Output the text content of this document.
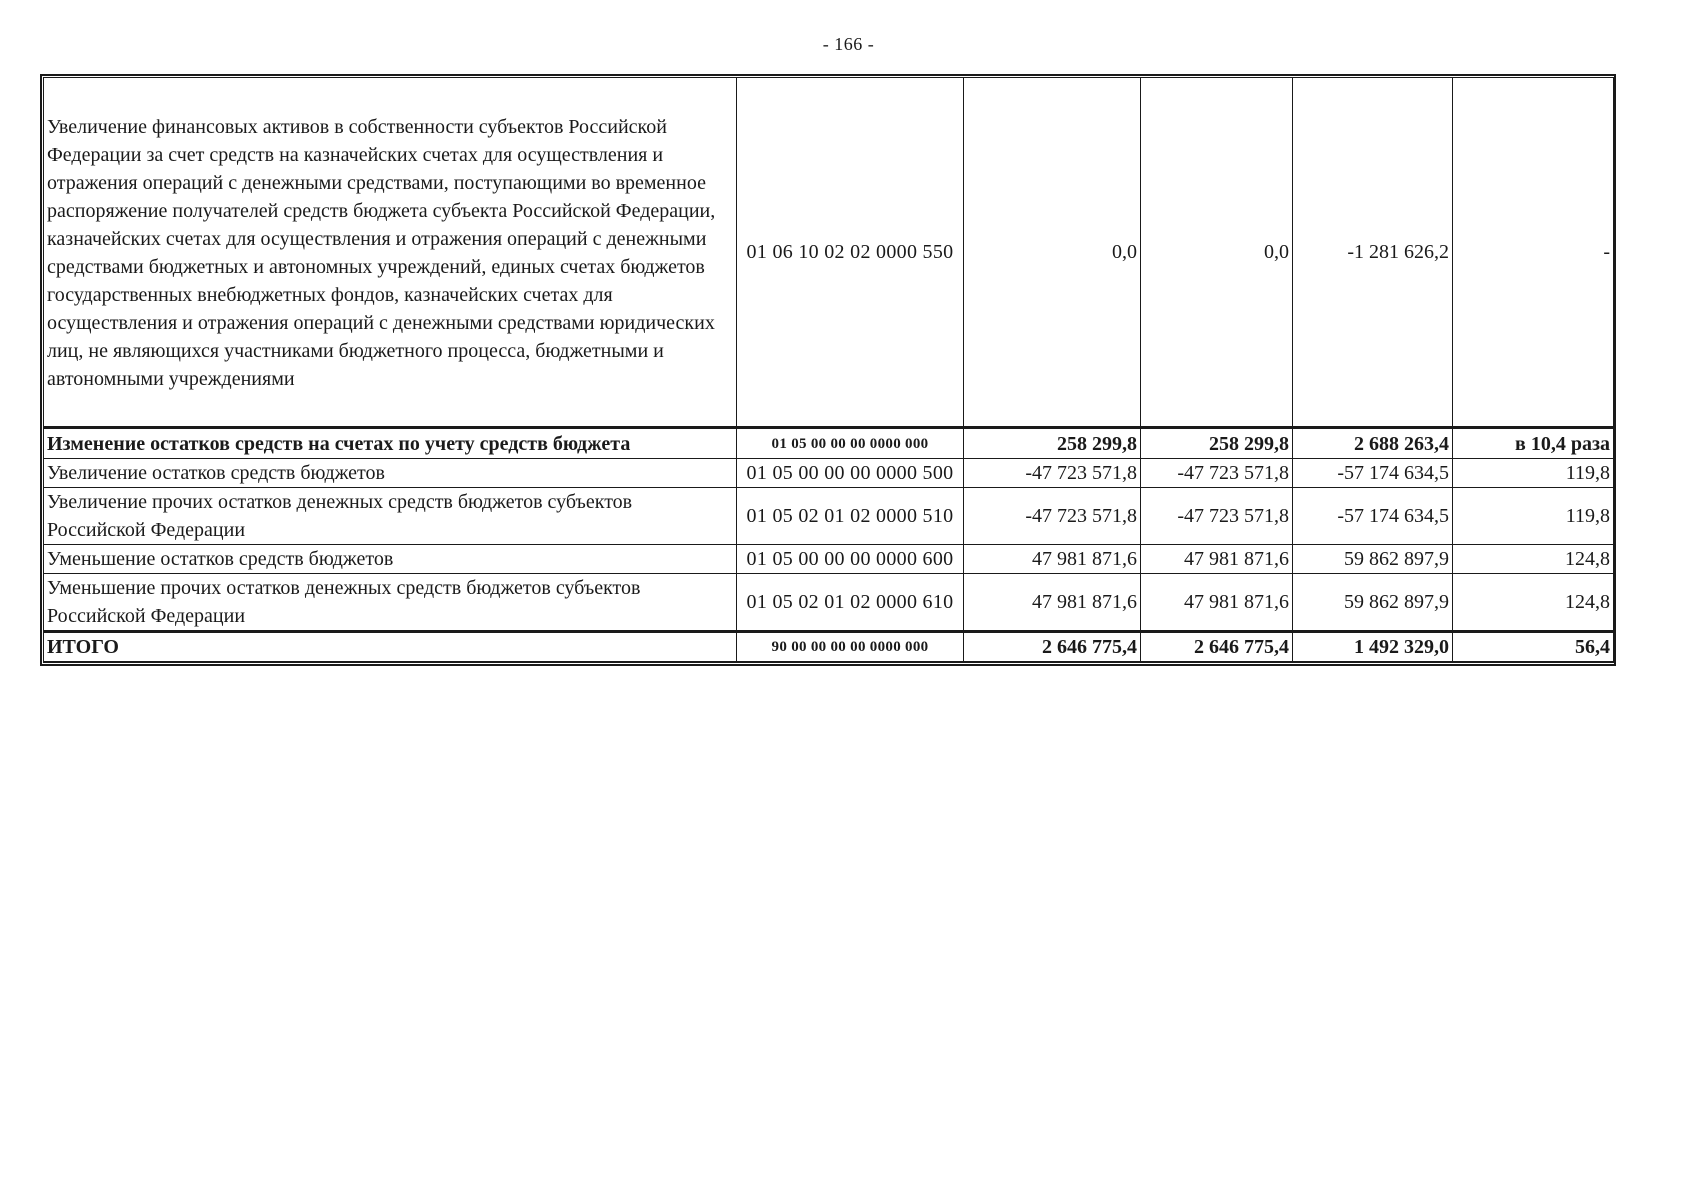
- 166 -
Увеличение финансовых активов в собственности субъектов Российской Федерации за счет средств на казначейских счетах для осуществления и отражения операций с денежными средствами, поступающими во временное распоряжение получателей средств бюджета субъекта Российской Федерации, казначейских счетах для осуществления и отражения операций с денежными средствами бюджетных и автономных учреждений, единых счетах бюджетов государственных внебюджетных фондов, казначейских счетах для осуществления и отражения операций с денежными средствами юридических лиц, не являющихся участниками бюджетного процесса, бюджетными и автономными учреждениями	01 06 10 02 02 0000 550	0,0	0,0	-1 281 626,2	-
Изменение остатков средств на счетах по учету средств бюджета	01 05 00 00 00 0000 000	258 299,8	258 299,8	2 688 263,4	в 10,4 раза
Увеличение остатков средств бюджетов	01 05 00 00 00 0000 500	-47 723 571,8	-47 723 571,8	-57 174 634,5	119,8
Увеличение прочих остатков денежных средств бюджетов субъектов Российской Федерации	01 05 02 01 02 0000 510	-47 723 571,8	-47 723 571,8	-57 174 634,5	119,8
Уменьшение остатков средств бюджетов	01 05 00 00 00 0000 600	47 981 871,6	47 981 871,6	59 862 897,9	124,8
Уменьшение прочих остатков денежных средств бюджетов субъектов Российской Федерации	01 05 02 01 02 0000 610	47 981 871,6	47 981 871,6	59 862 897,9	124,8
ИТОГО	90 00 00 00 00 0000 000	2 646 775,4	2 646 775,4	1 492 329,0	56,4
